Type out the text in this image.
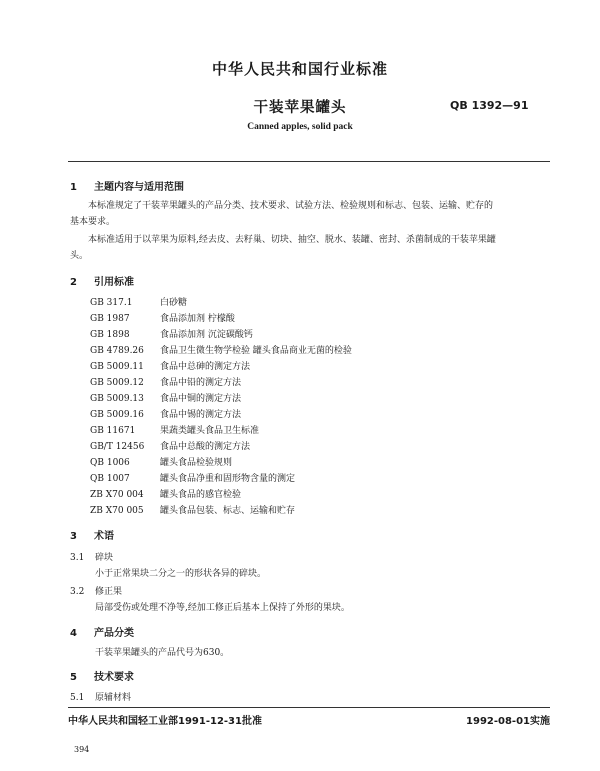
中华人民共和国行业标准
干装苹果罐头	QB 1392—91
Canned apples, solid pack
1 主题内容与适用范围
本标准规定了干装苹果罐头的产品分类、技术要求、试验方法、检验规则和标志、包装、运输、贮存的
基本要求。
本标准适用于以苹果为原料,经去皮、去籽巢、切块、抽空、脱水、装罐、密封、杀菌制成的干装苹果罐
头。
2 引用标准
GB 317.1	白砂糖
GB 1987	食品添加剂 柠檬酸
GB 1898	食品添加剂 沉淀碳酸钙
GB 4789.26 食品卫生微生物学检验 罐头食品商业无菌的检验
GB 5009.11 食品中总砷的测定方法
GB 5009.12 食品中铅的测定方法
GB 5009.13 食品中铜的测定方法
GB 5009.16 食品中锡的测定方法
GB 11671	果蔬类罐头食品卫生标准
GB/T 12456 食品中总酸的测定方法
QB 1006	罐头食品检验规则
QB 1007	罐头食品净重和固形物含量的测定
ZB X70 004 罐头食品的感官检验
ZB X70 005 罐头食品包装、标志、运输和贮存
3 术语
3.1 碎块
小于正常果块二分之一的形状各异的碎块。
3.2 修正果
局部受伤或处理不净等,经加工修正后基本上保持了外形的果块。
4 产品分类
干装苹果罐头的产品代号为630。
5 技术要求
5.1 原辅材料
中华人民共和国轻工业部1991-12-31批准	1992-08-01实施
394
